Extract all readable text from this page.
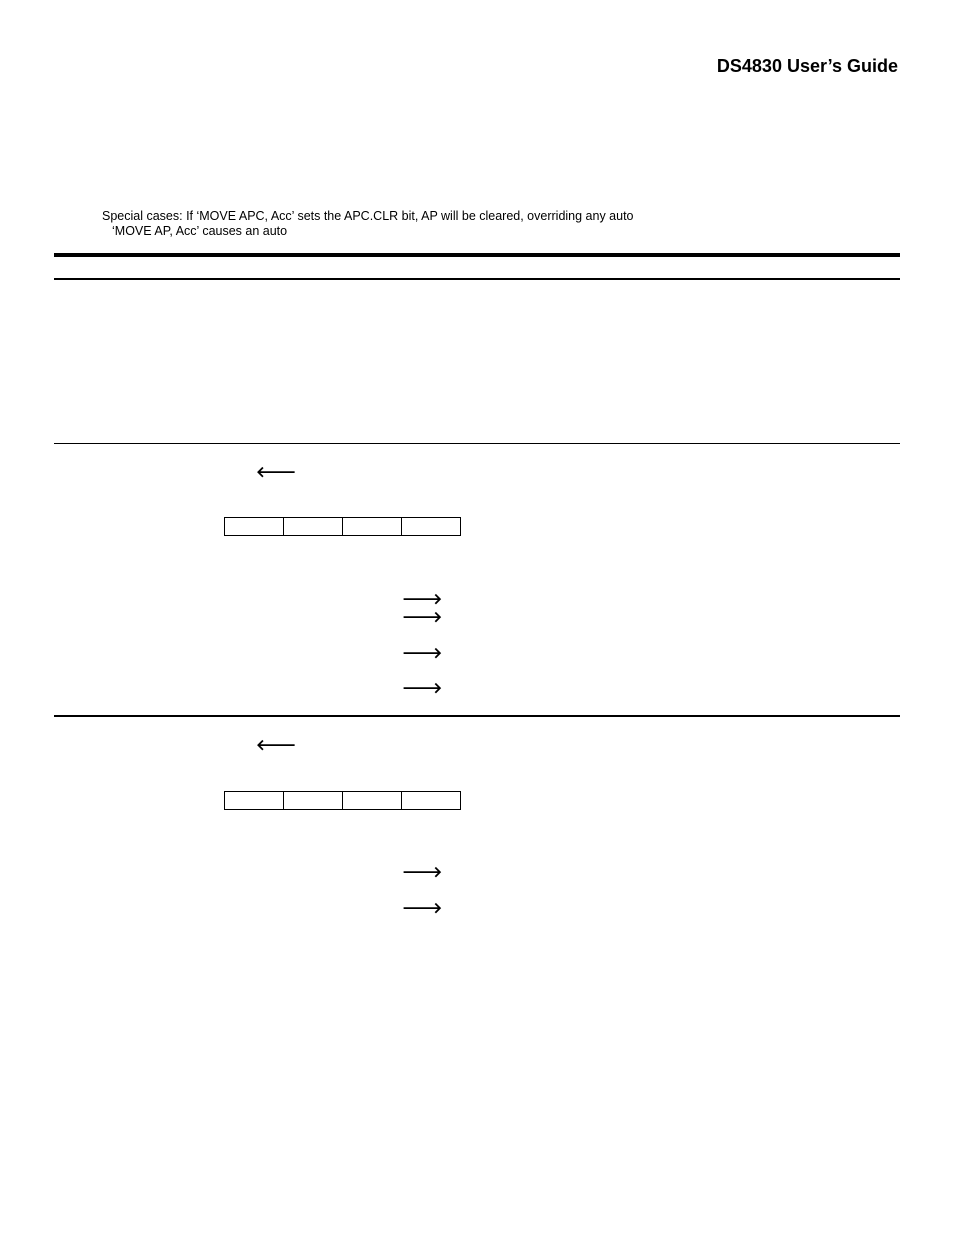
DS4830 User’s Guide
Special cases: If ‘MOVE APC, Acc’ sets the APC.CLR bit, AP will be cleared, overriding any auto
‘MOVE AP, Acc’ causes an auto
🡐

🡒
🡒
🡒
🡒
🡐

🡒
🡒
